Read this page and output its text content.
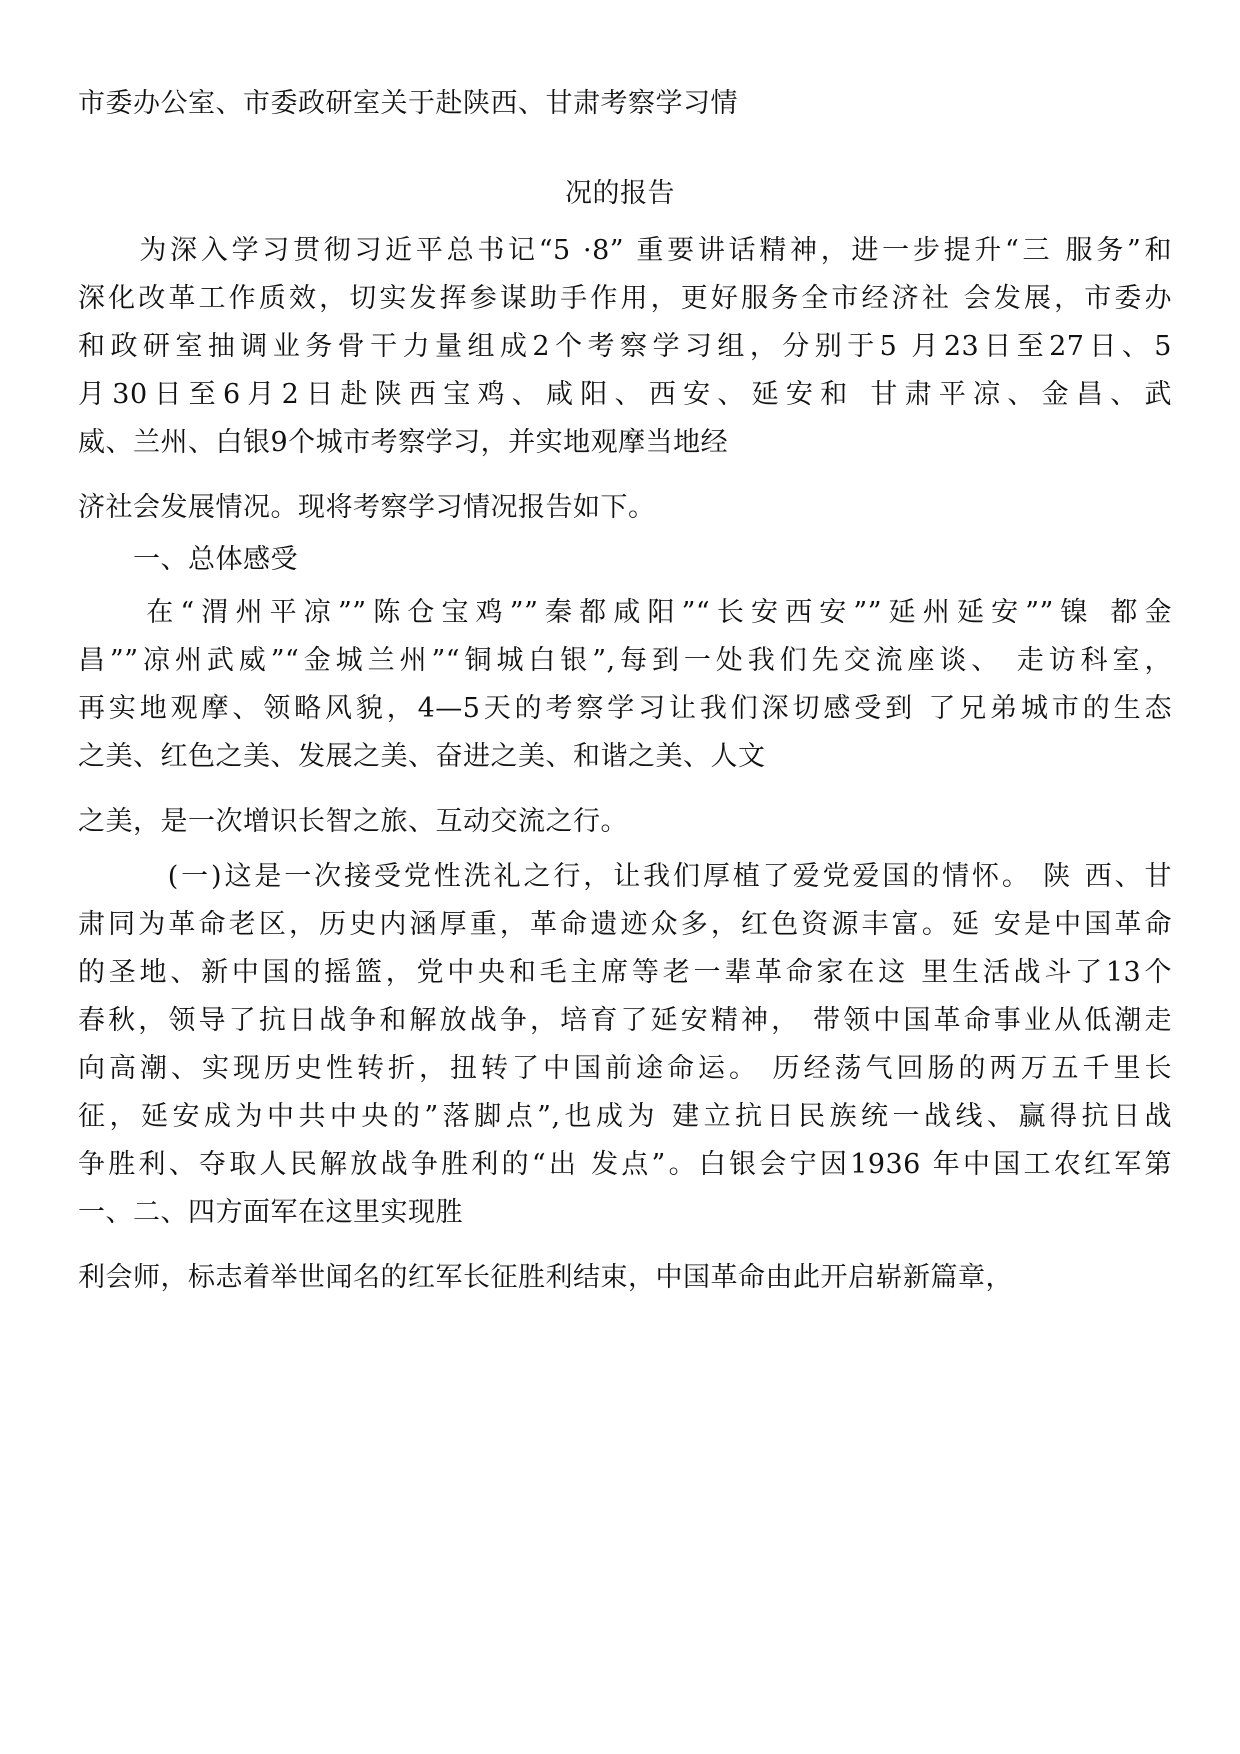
市委办公室、市委政研室关于赴陕西、甘肃考察学习情
况的报告
　　为深入学习贯彻习近平总书记“5 ·8” 重要讲话精神，进一步提升“三 服务”和
深化改革工作质效，切实发挥参谋助手作用，更好服务全市经济社 会发展，市委办
和政研室抽调业务骨干力量组成2个考察学习组，分别于5 月23日至27日、5
月30日至6月2日赴陕西宝鸡、咸阳、西安、延安和 甘肃平凉、金昌、武
威、兰州、白银9个城市考察学习，并实地观摩当地经
济社会发展情况。现将考察学习情况报告如下。
　　一、总体感受
　　在“渭州平凉””陈仓宝鸡””秦都咸阳”“长安西安””延州延安””镍 都金
昌””凉州武威”“金城兰州”“铜城白银”,每到一处我们先交流座谈、 走访科室，
再实地观摩、领略风貌，4—5天的考察学习让我们深切感受到 了兄弟城市的生态
之美、红色之美、发展之美、奋进之美、和谐之美、人文
之美，是一次增识长智之旅、互动交流之行。
　　　(一)这是一次接受党性洗礼之行，让我们厚植了爱党爱国的情怀。 陕 西、甘
肃同为革命老区，历史内涵厚重，革命遗迹众多，红色资源丰富。延 安是中国革命
的圣地、新中国的摇篮，党中央和毛主席等老一辈革命家在这 里生活战斗了13个
春秋，领导了抗日战争和解放战争，培育了延安精神， 带领中国革命事业从低潮走
向高潮、实现历史性转折，扭转了中国前途命运。 历经荡气回肠的两万五千里长
征，延安成为中共中央的”落脚点”,也成为 建立抗日民族统一战线、赢得抗日战
争胜利、夺取人民解放战争胜利的“出 发点”。白银会宁因1936 年中国工农红军第
一、二、四方面军在这里实现胜
利会师，标志着举世闻名的红军长征胜利结束，中国革命由此开启崭新篇章，
